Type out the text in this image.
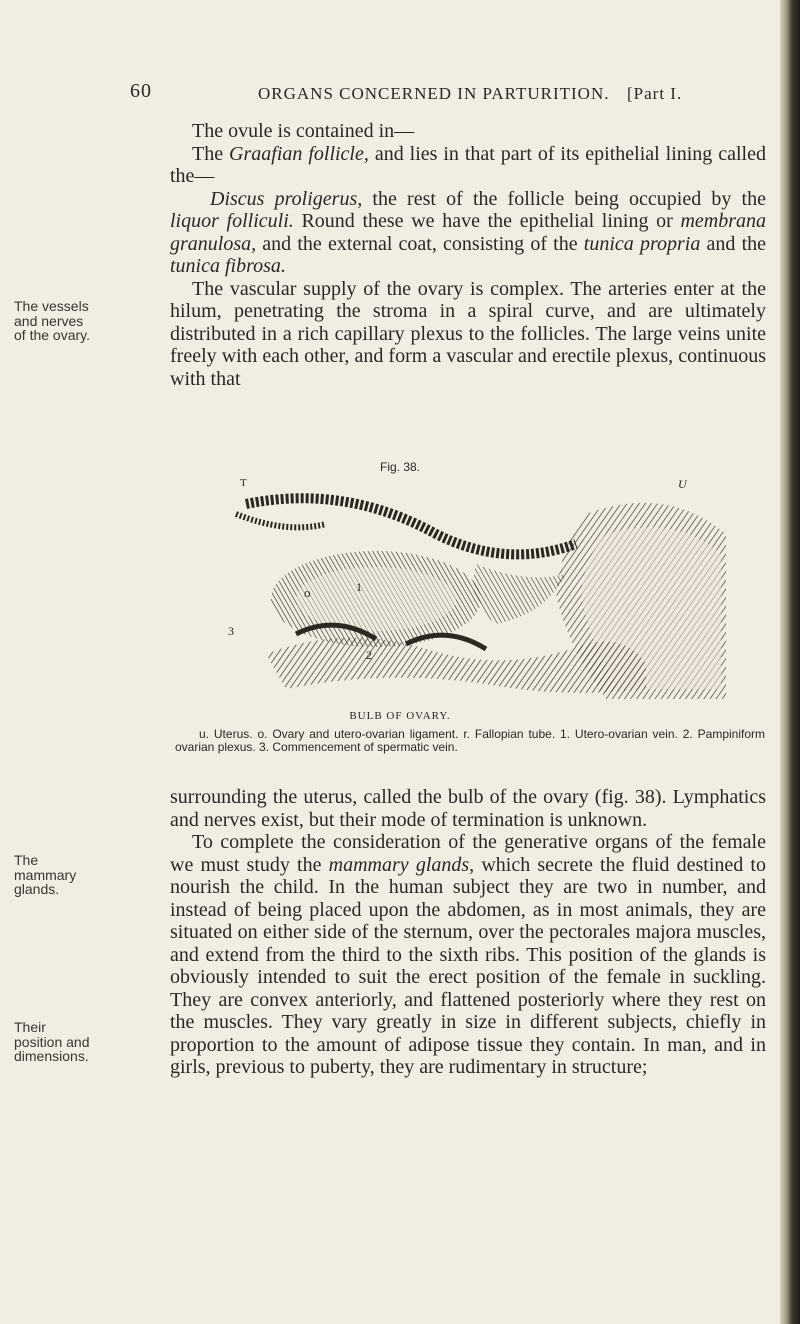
60	ORGANS CONCERNED IN PARTURITION. [Part I.

The ovule is contained in—

The Graafian follicle, and lies in that part of its epithelial lining called the—

Discus proligerus, the rest of the follicle being occupied by the liquor folliculi. Round these we have the epithelial lining or membrana granulosa, and the external coat, consisting of the tunica propria and the tunica fibrosa.

The vascular supply of the ovary is complex. The arteries enter at the hilum, penetrating the stroma in a spiral curve, and are ultimately distributed in a rich capillary plexus to the follicles. The large veins unite freely with each other, and form a vascular and erectile plexus, continuous with that

The vessels and nerves of the ovary.
Fig. 38.
T	U
o	1
2
3
BULB OF OVARY.
u. Uterus. o. Ovary and utero-ovarian ligament. r. Fallopian tube. 1. Utero-ovarian vein. 2. Pampiniform ovarian plexus. 3. Commencement of spermatic vein.

surrounding the uterus, called the bulb of the ovary (fig. 38). Lymphatics and nerves exist, but their mode of termination is unknown.

To complete the consideration of the generative organs of the female we must study the mammary glands, which secrete the fluid destined to nourish the child. In the human subject they are two in number, and instead of being placed upon the abdomen, as in most animals, they are situated on either side of the sternum, over the pectorales majora muscles, and extend from the third to the sixth ribs. This position of the glands is obviously intended to suit the erect position of the female in suckling. They are convex anteriorly, and flattened posteriorly where they rest on the muscles. They vary greatly in size in different subjects, chiefly in proportion to the amount of adipose tissue they contain. In man, and in girls, previous to puberty, they are rudimentary in structure;

The mammary glands.
Their position and dimensions.
